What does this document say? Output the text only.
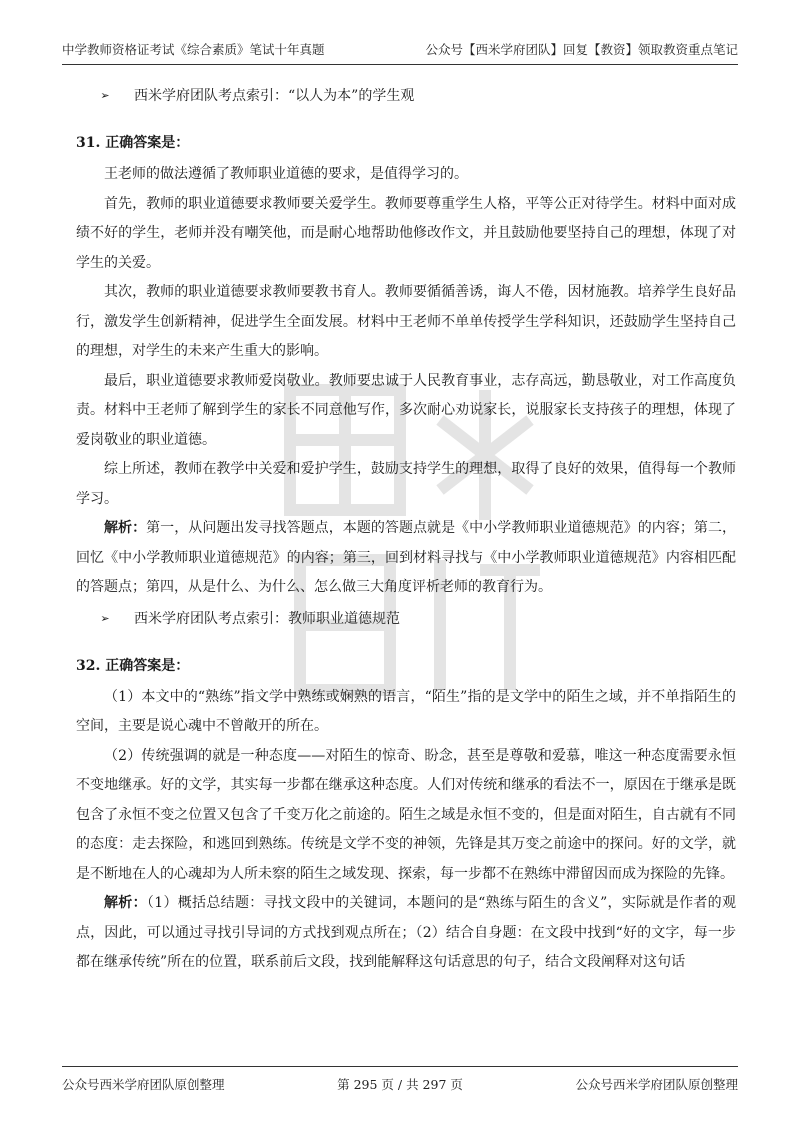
中学教师资格证考试《综合素质》笔试十年真题	公众号【西米学府团队】回复【教资】领取教资重点笔记
➢	西米学府团队考点索引：“以人为本”的学生观
31. 正确答案是：

王老师的做法遵循了教师职业道德的要求，是值得学习的。

首先，教师的职业道德要求教师要关爱学生。教师要尊重学生人格，平等公正对待学生。材料中面对成绩不好的学生，老师并没有嘲笑他，而是耐心地帮助他修改作文，并且鼓励他要坚持自己的理想，体现了对学生的关爱。

其次，教师的职业道德要求教师要教书育人。教师要循循善诱，诲人不倦，因材施教。培养学生良好品行，激发学生创新精神，促进学生全面发展。材料中王老师不单单传授学生学科知识，还鼓励学生坚持自己的理想，对学生的未来产生重大的影响。

最后，职业道德要求教师爱岗敬业。教师要忠诚于人民教育事业，志存高远，勤恳敬业，对工作高度负责。材料中王老师了解到学生的家长不同意他写作，多次耐心劝说家长，说服家长支持孩子的理想，体现了爱岗敬业的职业道德。

综上所述，教师在教学中关爱和爱护学生，鼓励支持学生的理想，取得了良好的效果，值得每一个教师学习。

解析：第一，从问题出发寻找答题点，本题的答题点就是《中小学教师职业道德规范》的内容；第二，回忆《中小学教师职业道德规范》的内容；第三，回到材料寻找与《中小学教师职业道德规范》内容相匹配的答题点；第四，从是什么、为什么、怎么做三大角度评析老师的教育行为。

➢	西米学府团队考点索引：教师职业道德规范
32. 正确答案是：

（1）本文中的“熟练”指文学中熟练或娴熟的语言，“陌生”指的是文学中的陌生之域，并不单指陌生的空间，主要是说心魂中不曾敞开的所在。

（2）传统强调的就是一种态度——对陌生的惊奇、盼念，甚至是尊敬和爱慕，唯这一种态度需要永恒不变地继承。好的文学，其实每一步都在继承这种态度。人们对传统和继承的看法不一，原因在于继承是既包含了永恒不变之位置又包含了千变万化之前途的。陌生之域是永恒不变的，但是面对陌生，自古就有不同的态度：走去探险，和逃回到熟练。传统是文学不变的神领，先锋是其万变之前途中的探问。好的文学，就是不断地在人的心魂却为人所未察的陌生之域发现、探索，每一步都不在熟练中滞留因而成为探险的先锋。

解析：（1）概括总结题：寻找文段中的关键词，本题问的是“熟练与陌生的含义”，实际就是作者的观点，因此，可以通过寻找引导词的方式找到观点所在；（2）结合自身题：在文段中找到“好的文字，每一步都在继承传统”所在的位置，联系前后文段，找到能解释这句话意思的句子，结合文段阐释对这句话

公众号西米学府团队原创整理	第 295 页 / 共 297 页	公众号西米学府团队原创整理
